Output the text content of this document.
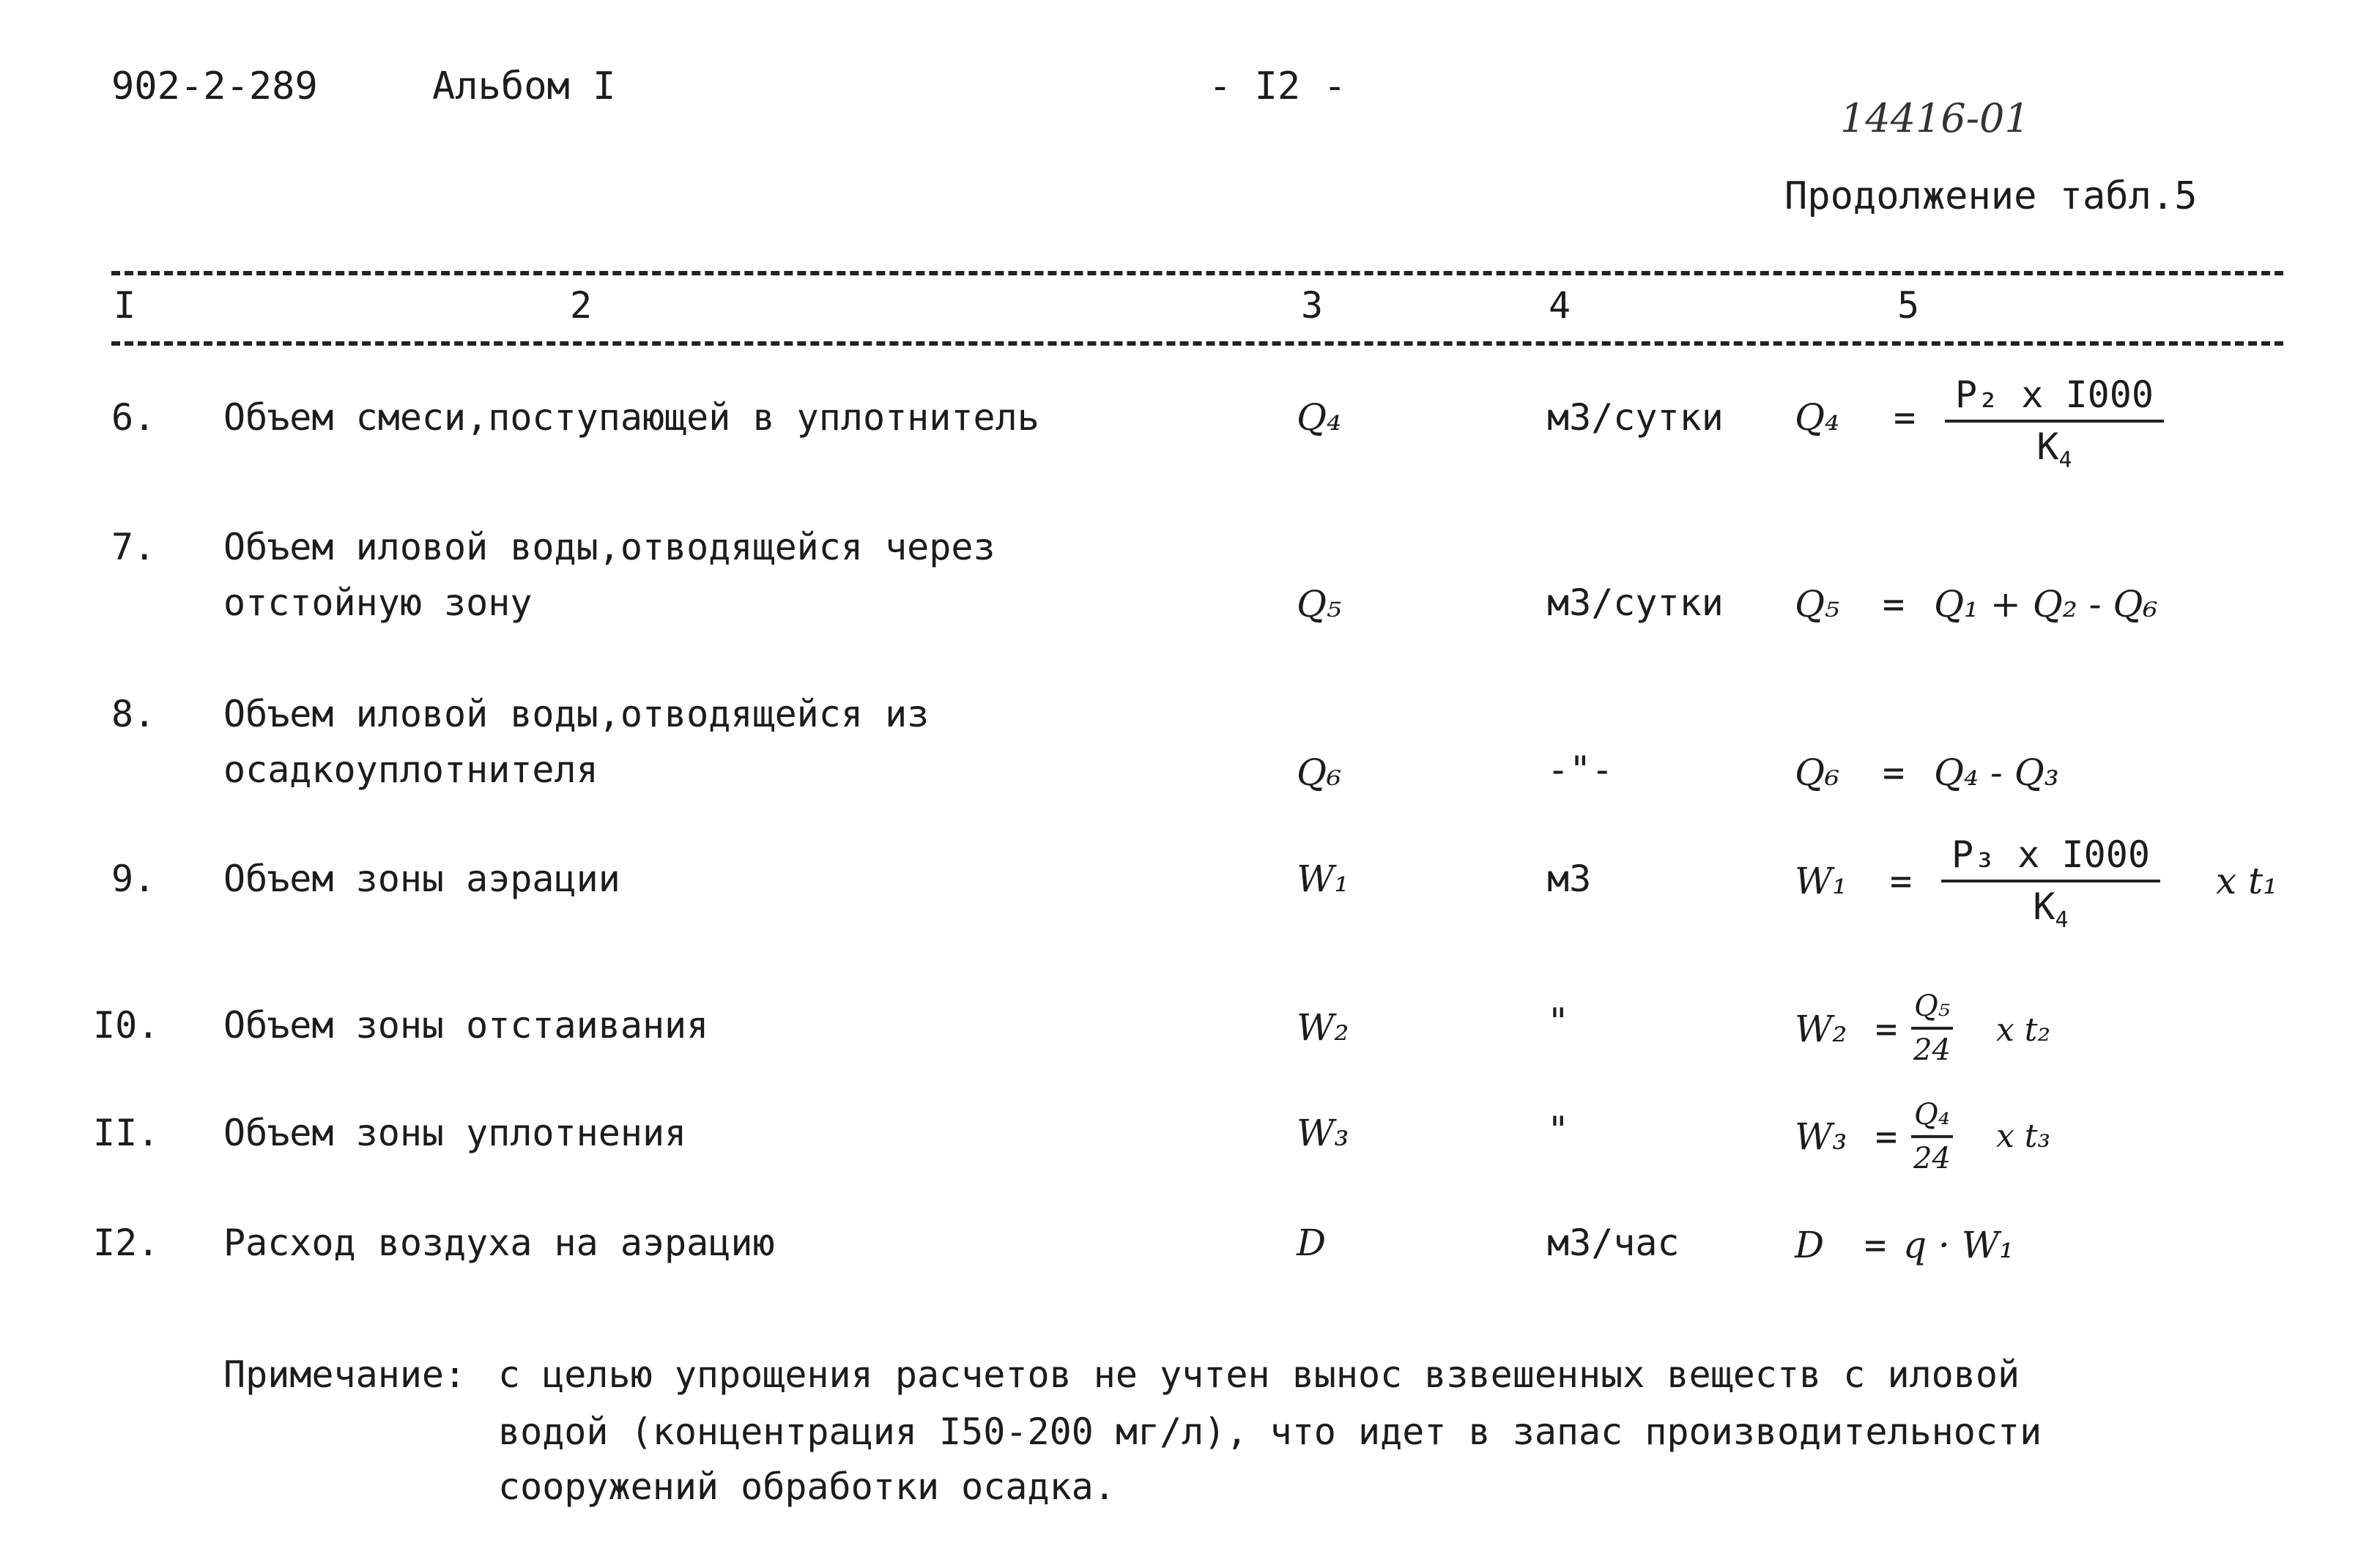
902-2-289	Альбом I	- I2 -
14416-01
Продолжение табл.5
I	2	3	4	5
6. Объем смеси,поступающей в уплотнитель	Q₄	м3/сутки Q₄ =
P₂ x I000
$К_4$
7. Объем иловой воды,отводящейся через
отстойную зону	Q₅	м3/сутки Q₅ = Q₁ + Q₂ - Q₆
8. Объем иловой воды,отводящейся из
осадкоуплотнителя	Q₆	-"-	Q₆ = Q₄ - Q₃
9. Объем зоны аэрации	W₁	м3	W₁ =
P₃ x I000
$К_4$
x t₁
I0. Объем зоны отстаивания	W₂	"	$W_2 = \frac{\text{Q₅}}{24}$ x t₂
II. Объем зоны уплотнения	W₃	"	$W_3 = \frac{\text{Q₄}}{24}$ x t₃
I2. Расход воздуха на аэрацию	D	м3/час	D = q · W₁
Примечание: с целью упрощения расчетов не учтен вынос взвешенных веществ с иловой
водой (концентрация I50-200 мг/л), что идет в запас производительности
сооружений обработки осадка.
